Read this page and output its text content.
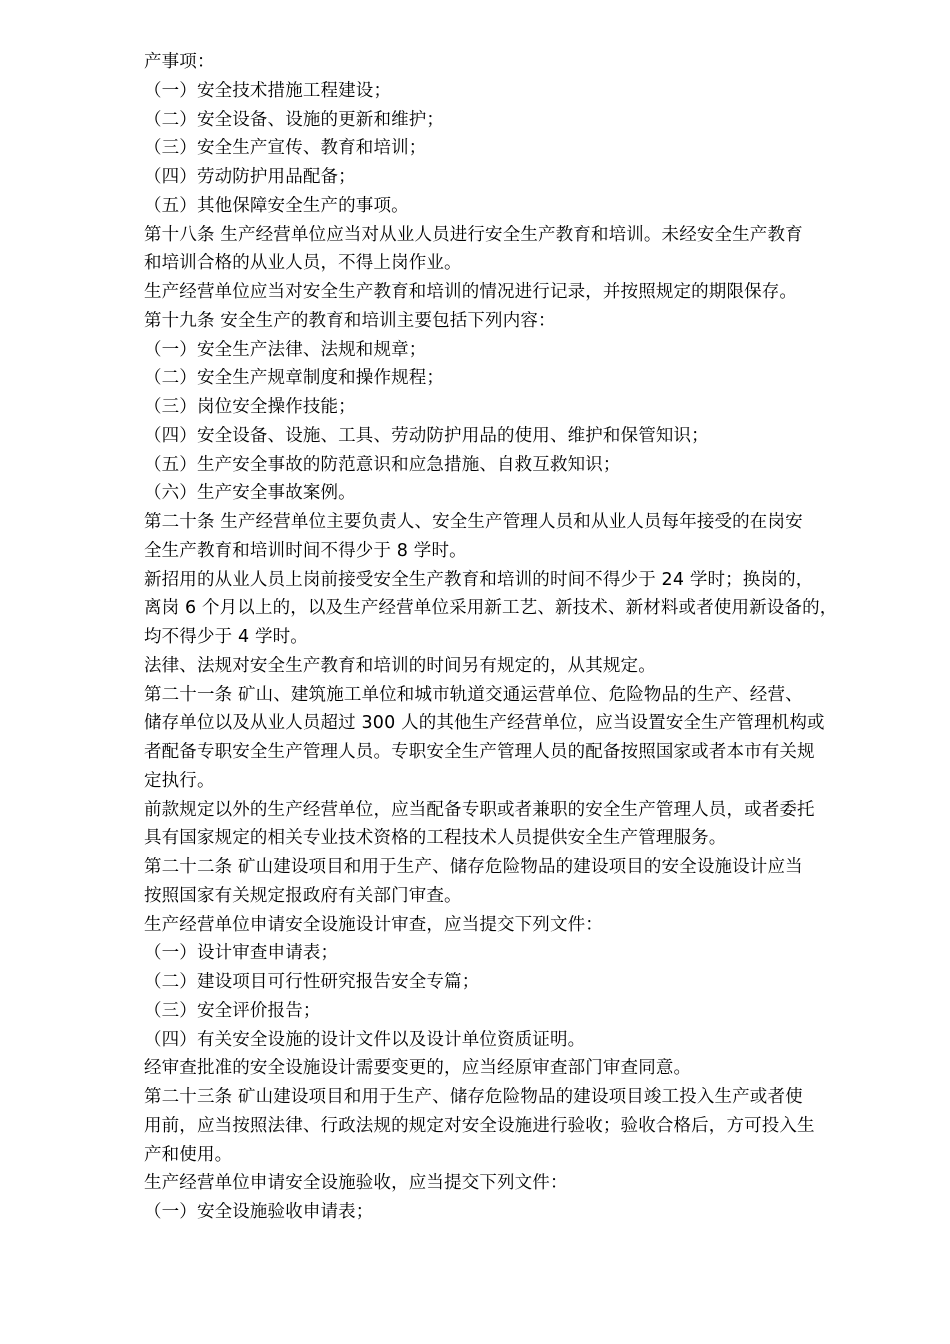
产事项：
（一）安全技术措施工程建设；
（二）安全设备、设施的更新和维护；
（三）安全生产宣传、教育和培训；
（四）劳动防护用品配备；
（五）其他保障安全生产的事项。
第十八条 生产经营单位应当对从业人员进行安全生产教育和培训。未经安全生产教育
和培训合格的从业人员，不得上岗作业。
生产经营单位应当对安全生产教育和培训的情况进行记录，并按照规定的期限保存。
第十九条 安全生产的教育和培训主要包括下列内容：
（一）安全生产法律、法规和规章；
（二）安全生产规章制度和操作规程；
（三）岗位安全操作技能；
（四）安全设备、设施、工具、劳动防护用品的使用、维护和保管知识；
（五）生产安全事故的防范意识和应急措施、自救互救知识；
（六）生产安全事故案例。
第二十条 生产经营单位主要负责人、安全生产管理人员和从业人员每年接受的在岗安
全生产教育和培训时间不得少于 8 学时。
新招用的从业人员上岗前接受安全生产教育和培训的时间不得少于 24 学时；换岗的，
离岗 6 个月以上的，以及生产经营单位采用新工艺、新技术、新材料或者使用新设备的，
均不得少于 4 学时。
法律、法规对安全生产教育和培训的时间另有规定的，从其规定。
第二十一条 矿山、建筑施工单位和城市轨道交通运营单位、危险物品的生产、经营、
储存单位以及从业人员超过 300 人的其他生产经营单位，应当设置安全生产管理机构或
者配备专职安全生产管理人员。专职安全生产管理人员的配备按照国家或者本市有关规
定执行。
前款规定以外的生产经营单位，应当配备专职或者兼职的安全生产管理人员，或者委托
具有国家规定的相关专业技术资格的工程技术人员提供安全生产管理服务。
第二十二条 矿山建设项目和用于生产、储存危险物品的建设项目的安全设施设计应当
按照国家有关规定报政府有关部门审查。
生产经营单位申请安全设施设计审查，应当提交下列文件：
（一）设计审查申请表；
（二）建设项目可行性研究报告安全专篇；
（三）安全评价报告；
（四）有关安全设施的设计文件以及设计单位资质证明。
经审查批准的安全设施设计需要变更的，应当经原审查部门审查同意。
第二十三条 矿山建设项目和用于生产、储存危险物品的建设项目竣工投入生产或者使
用前，应当按照法律、行政法规的规定对安全设施进行验收；验收合格后，方可投入生
产和使用。
生产经营单位申请安全设施验收，应当提交下列文件：
（一）安全设施验收申请表；
